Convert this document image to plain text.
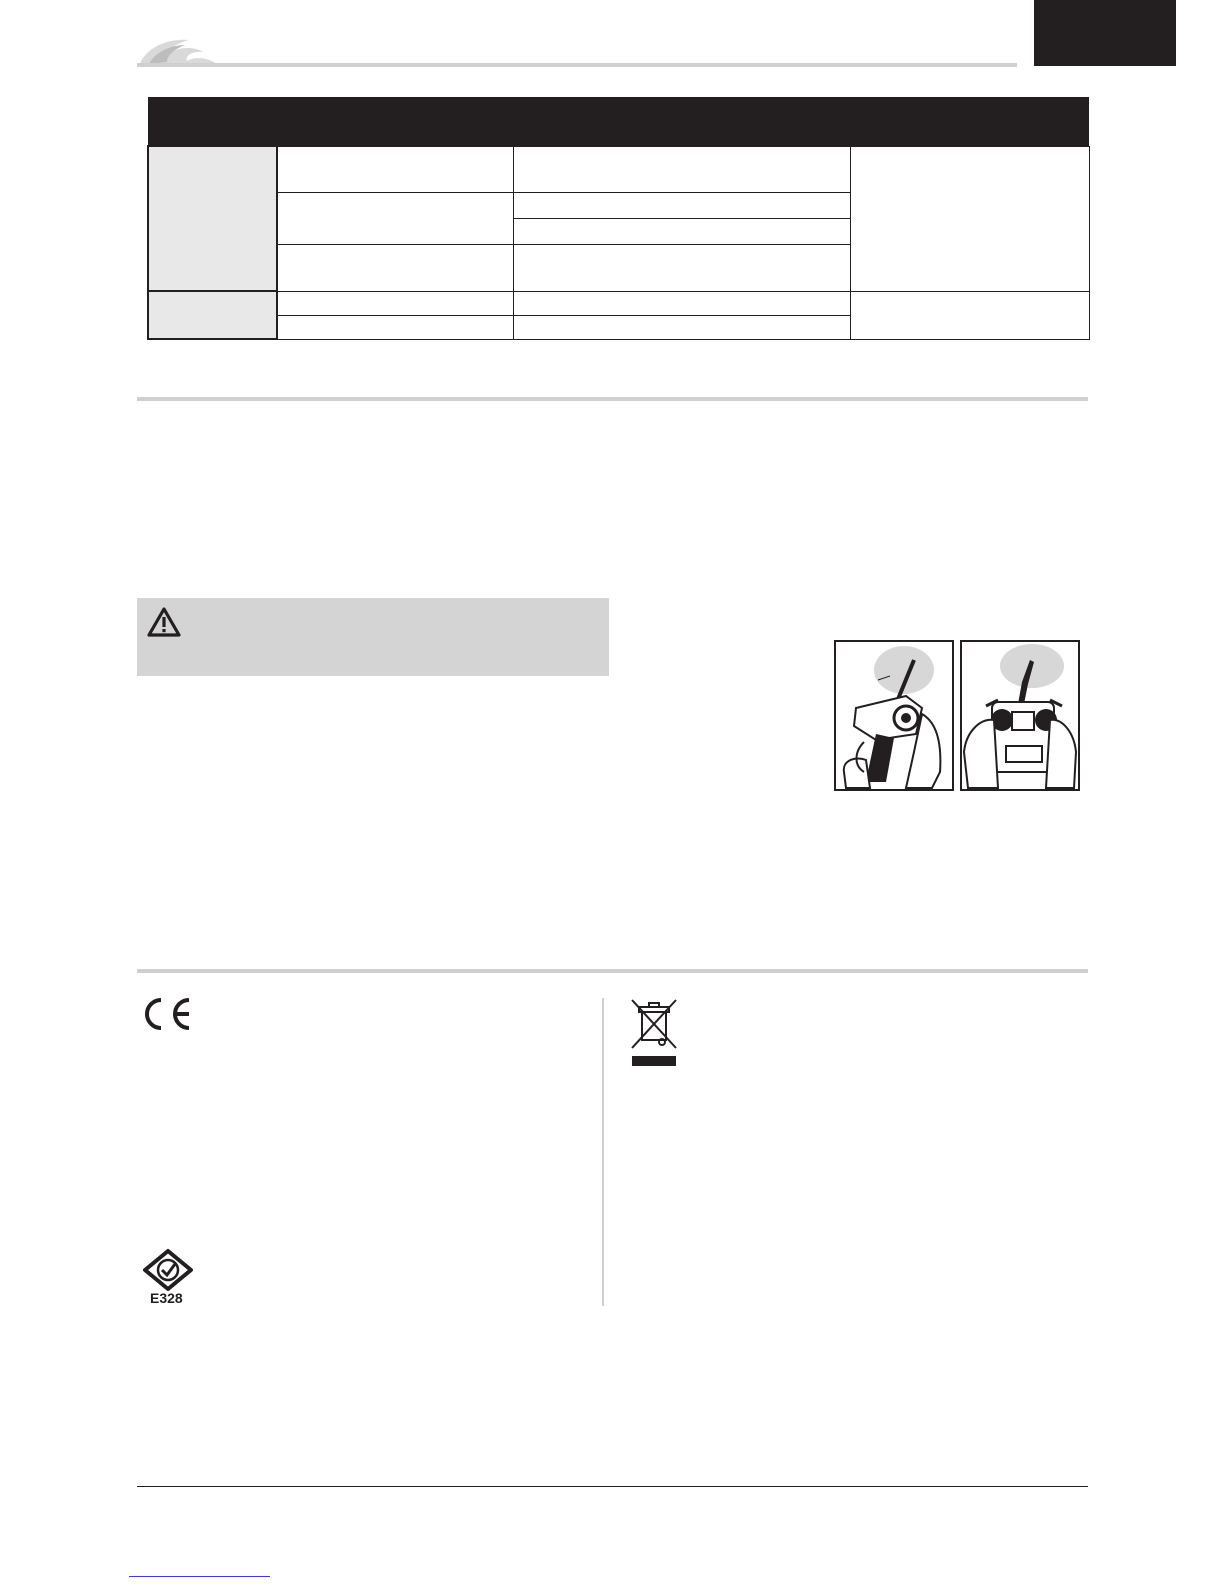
E328
